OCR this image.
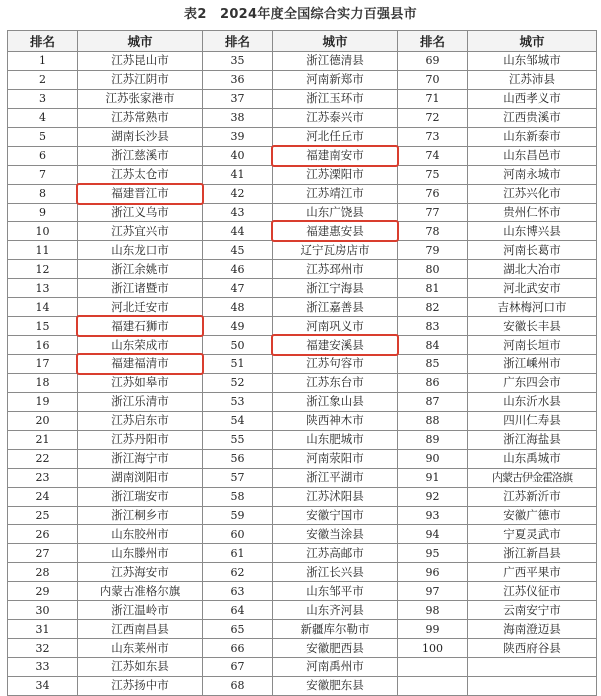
表2　2024年度全国综合实力百强县市
排名	城市	排名	城市	排名	城市
1	江苏昆山市	35	浙江德清县	69	山东邹城市
2	江苏江阴市	36	河南新郑市	70	江苏沛县
3	江苏张家港市	37	浙江玉环市	71	山西孝义市
4	江苏常熟市	38	江苏泰兴市	72	江西贵溪市
5	湖南长沙县	39	河北任丘市	73	山东新泰市
6	浙江慈溪市	40	福建南安市	74	山东昌邑市
7	江苏太仓市	41	江苏溧阳市	75	河南永城市
8	福建晋江市	42	江苏靖江市	76	江苏兴化市
9	浙江义乌市	43	山东广饶县	77	贵州仁怀市
10	江苏宜兴市	44	福建惠安县	78	山东博兴县
11	山东龙口市	45	辽宁瓦房店市	79	河南长葛市
12	浙江余姚市	46	江苏邳州市	80	湖北大冶市
13	浙江诸暨市	47	浙江宁海县	81	河北武安市
14	河北迁安市	48	浙江嘉善县	82	吉林梅河口市
15	福建石狮市	49	河南巩义市	83	安徽长丰县
16	山东荣成市	50	福建安溪县	84	河南长垣市
17	福建福清市	51	江苏句容市	85	浙江嵊州市
18	江苏如皋市	52	江苏东台市	86	广东四会市
19	浙江乐清市	53	浙江象山县	87	山东沂水县
20	江苏启东市	54	陕西神木市	88	四川仁寿县
21	江苏丹阳市	55	山东肥城市	89	浙江海盐县
22	浙江海宁市	56	河南荥阳市	90	山东禹城市
23	湖南浏阳市	57	浙江平湖市	91	内蒙古伊金霍洛旗
24	浙江瑞安市	58	江苏沭阳县	92	江苏新沂市
25	浙江桐乡市	59	安徽宁国市	93	安徽广德市
26	山东胶州市	60	安徽当涂县	94	宁夏灵武市
27	山东滕州市	61	江苏高邮市	95	浙江新昌县
28	江苏海安市	62	浙江长兴县	96	广西平果市
29	内蒙古准格尔旗	63	山东邹平市	97	江苏仪征市
30	浙江温岭市	64	山东齐河县	98	云南安宁市
31	江西南昌县	65	新疆库尔勒市	99	海南澄迈县
32	山东莱州市	66	安徽肥西县	100	陕西府谷县
33	江苏如东县	67	河南禹州市		
34	江苏扬中市	68	安徽肥东县		
